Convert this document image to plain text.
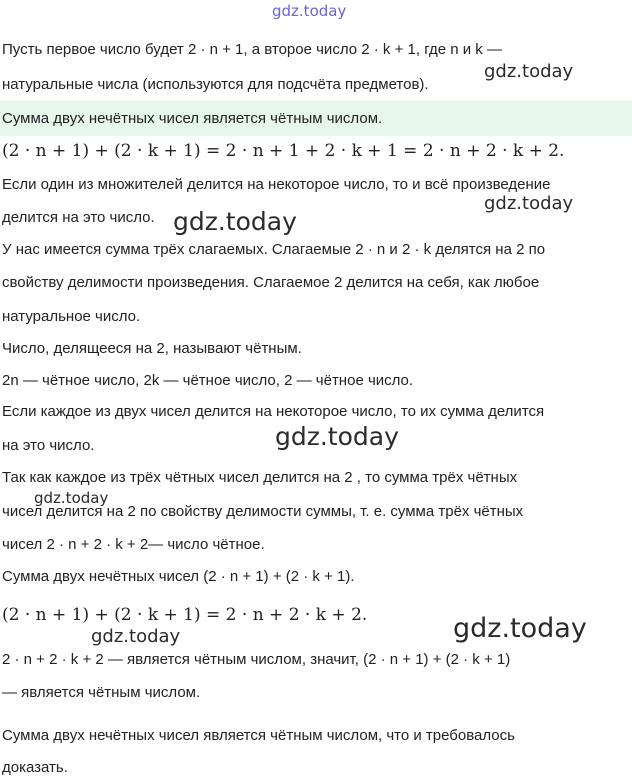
gdz.today
Пусть первое число будет 2 · n + 1, а второе число 2 · k + 1, где n и k —
натуральные числа (используются для подсчёта предметов).
Сумма двух нечётных чисел является чётным числом.
(2 · n + 1) + (2 · k + 1) = 2 · n + 1 + 2 · k + 1 = 2 · n + 2 · k + 2.
Если один из множителей делится на некоторое число, то и всё произведение
делится на это число.
У нас имеется сумма трёх слагаемых. Слагаемые 2 · n и 2 · k делятся на 2 по
свойству делимости произведения. Слагаемое 2 делится на себя, как любое
натуральное число.
Число, делящееся на 2, называют чётным.
2n — чётное число, 2k — чётное число, 2 — чётное число.
Если каждое из двух чисел делится на некоторое число, то их сумма делится
на это число.
Так как каждое из трёх чётных чисел делится на 2 , то сумма трёх чётных
чисел делится на 2 по свойству делимости суммы, т. е. сумма трёх чётных
чисел 2 · n + 2 · k + 2— число чётное.
Сумма двух нечётных чисел (2 · n + 1) + (2 · k + 1).
(2 · n + 1) + (2 · k + 1) = 2 · n + 2 · k + 2.
2 · n + 2 · k + 2 — является чётным числом, значит, (2 · n + 1) + (2 · k + 1)
— является чётным числом.
Сумма двух нечётных чисел является чётным числом, что и требовалось
доказать.
gdz.today
gdz.today
gdz.today
gdz.today
gdz.today
gdz.today	gdz.today
